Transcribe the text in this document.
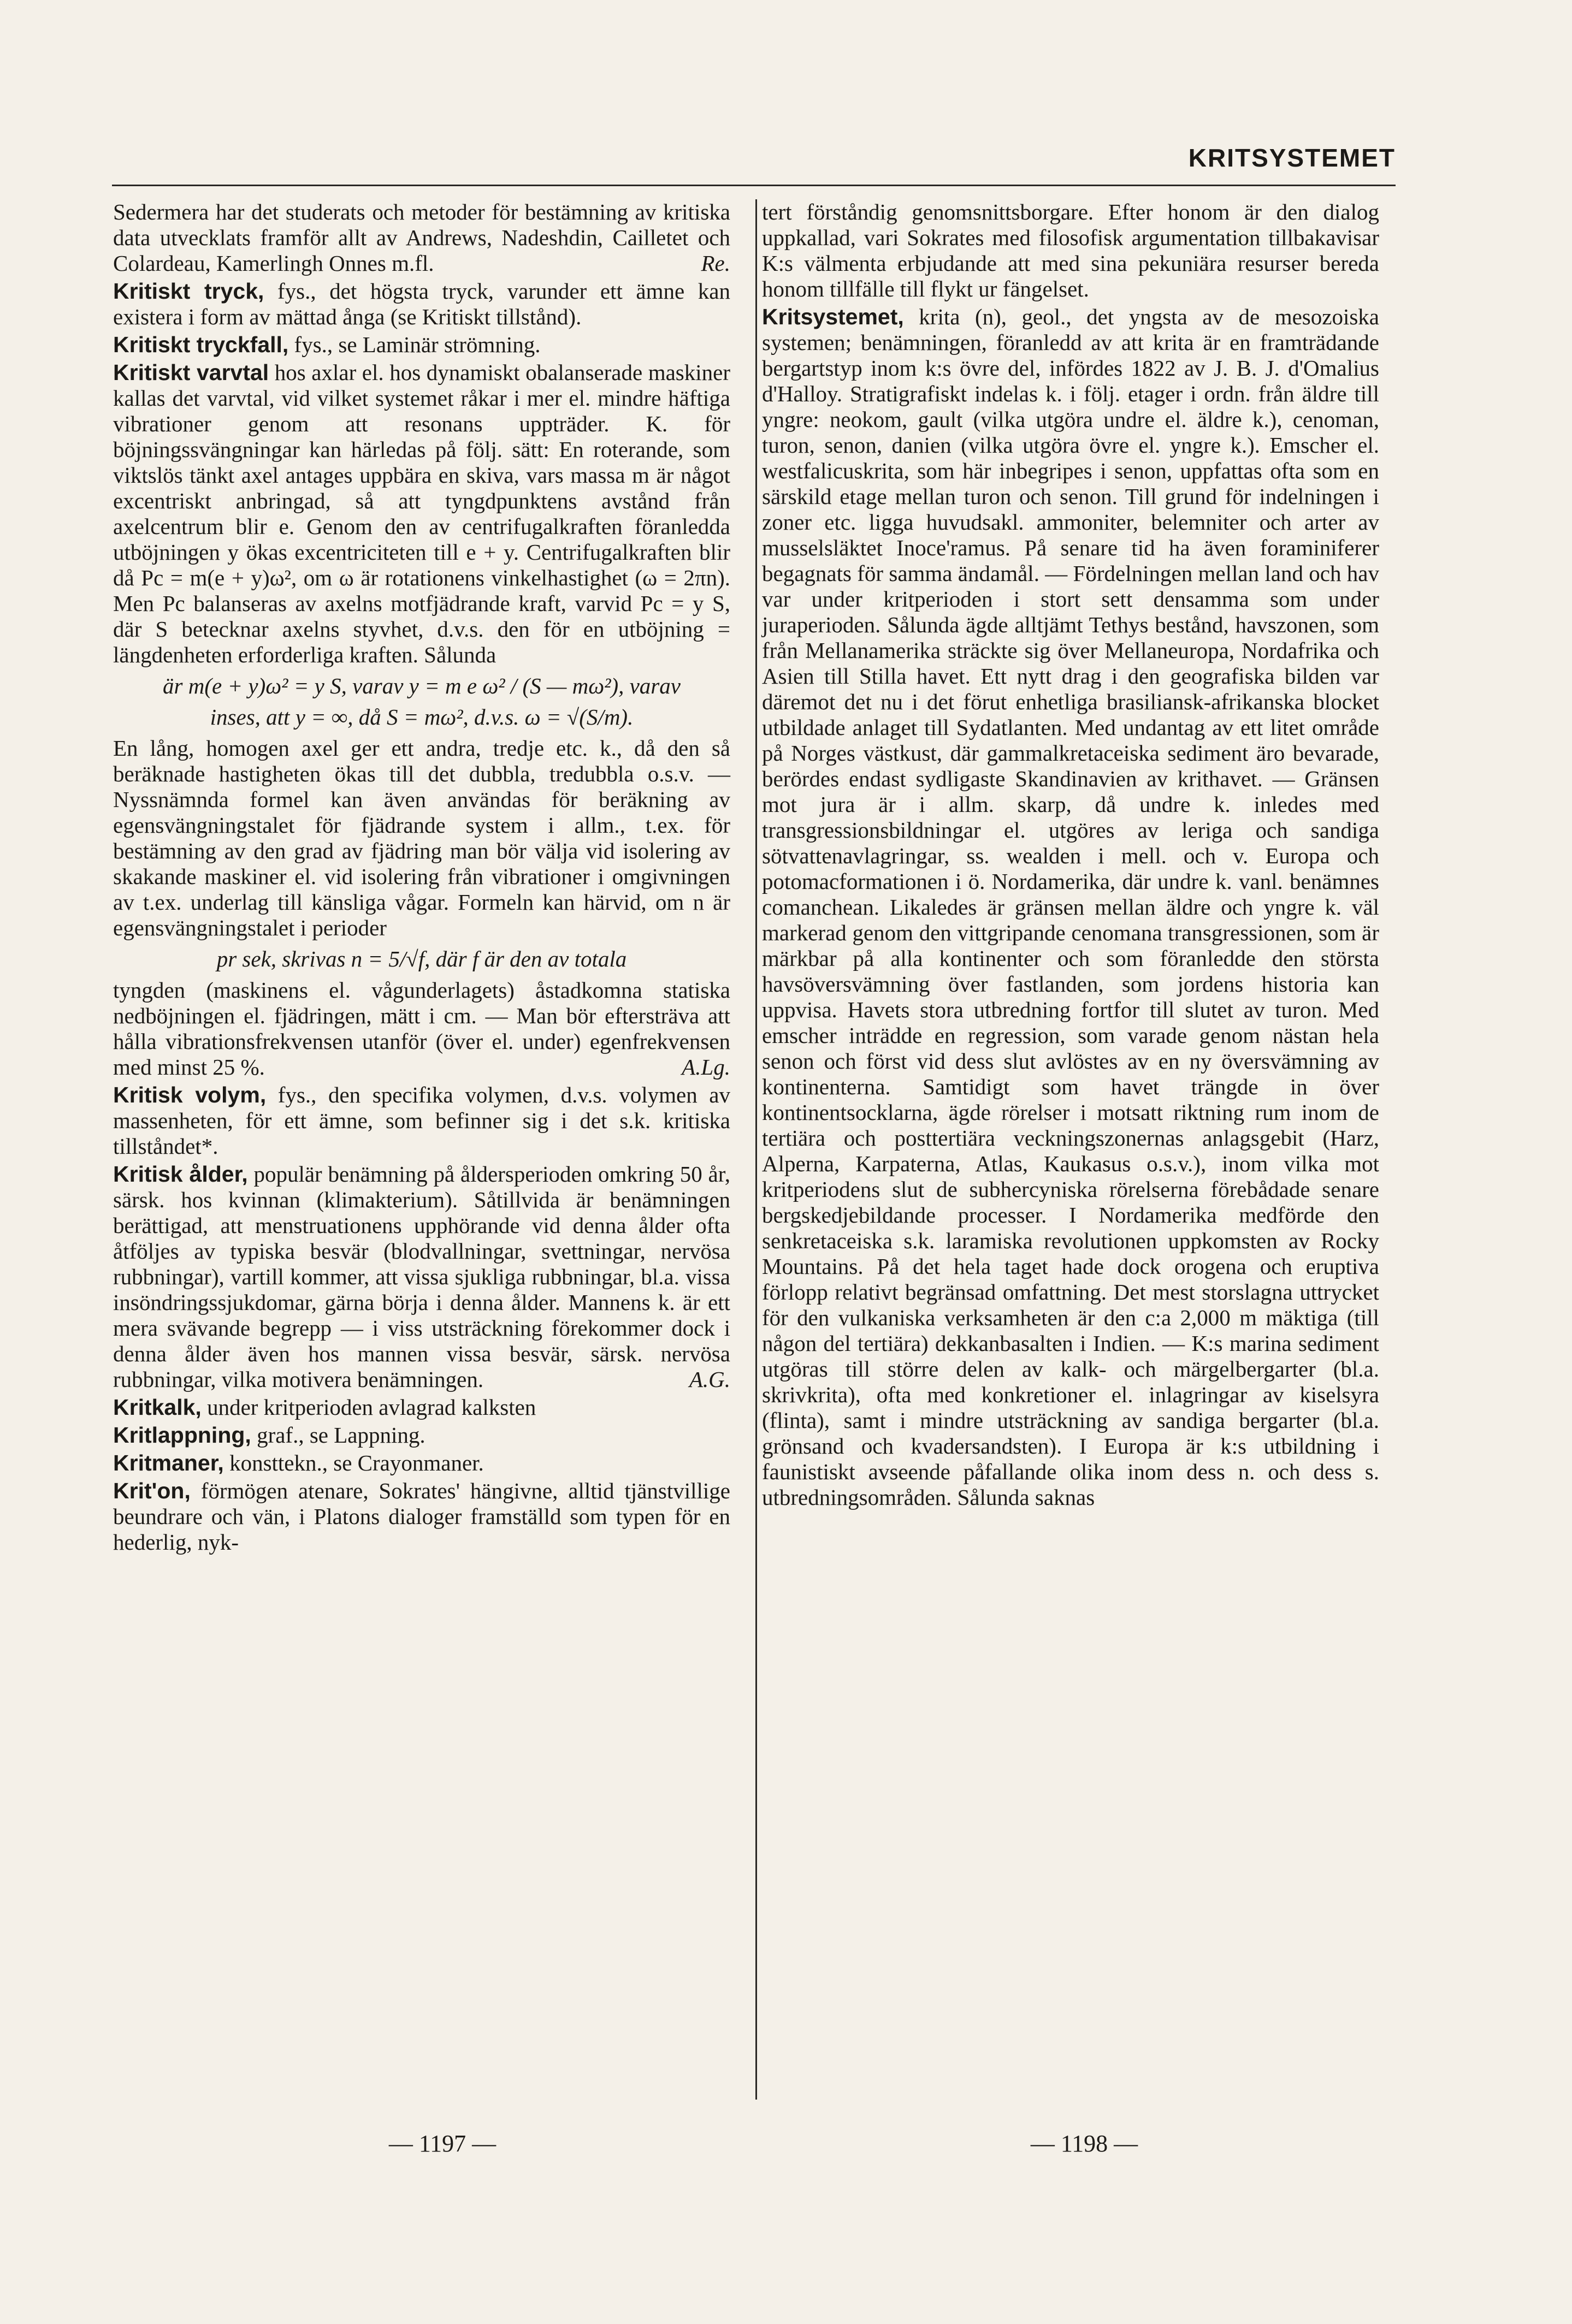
KRITSYSTEMET

Sedermera har det studerats och metoder för bestämning av kritiska data utvecklats framför allt av Andrews, Nadeshdin, Cailletet och Colardeau, Kamerlingh Onnes m.fl.	Re.

Kritiskt tryck, fys., det högsta tryck, varunder ett ämne kan existera i form av mättad ånga (se Kritiskt tillstånd).

Kritiskt tryckfall, fys., se Laminär strömning.

Kritiskt varvtal hos axlar el. hos dynamiskt obalanserade maskiner kallas det varvtal, vid vilket systemet råkar i mer el. mindre häftiga vibrationer genom att resonans uppträder. K. för böjningssvängningar kan härledas på följ. sätt: En roterande, som viktslös tänkt axel antages uppbära en skiva, vars massa m är något excentriskt anbringad, så att tyngdpunktens avstånd från axelcentrum blir e. Genom den av centrifugalkraften föranledda utböjningen y ökas excentriciteten till e + y. Centrifugalkraften blir då Pc = m(e + y)ω², om ω är rotationens vinkelhastighet (ω = 2πn). Men Pc balanseras av axelns motfjädrande kraft, varvid Pc = y S, där S betecknar axelns styvhet, d.v.s. den för en utböjning = längdenheten erforderliga kraften. Sålunda

är m(e + y)ω² = y S, varav y = m e ω² / (S — mω²), varav
inses, att y = ∞, då S = mω², d.v.s. ω = √(S/m).

En lång, homogen axel ger ett andra, tredje etc. k., då den så beräknade hastigheten ökas till det dubbla, tredubbla o.s.v. — Nyssnämnda formel kan även användas för beräkning av egensvängningstalet för fjädrande system i allm., t.ex. för bestämning av den grad av fjädring man bör välja vid isolering av skakande maskiner el. vid isolering från vibrationer i omgivningen av t.ex. underlag till känsliga vågar. Formeln kan härvid, om n är egensvängningstalet i perioder

pr sek, skrivas n = 5/√f, där f är den av totala

tyngden (maskinens el. vågunderlagets) åstadkomna statiska nedböjningen el. fjädringen, mätt i cm. — Man bör eftersträva att hålla vibrationsfrekvensen utanför (över el. under) egenfrekvensen med minst 25 %.	A.Lg.

Kritisk volym, fys., den specifika volymen, d.v.s. volymen av massenheten, för ett ämne, som befinner sig i det s.k. kritiska tillståndet*.

Kritisk ålder, populär benämning på åldersperioden omkring 50 år, särsk. hos kvinnan (klimakterium). Såtillvida är benämningen berättigad, att menstruationens upphörande vid denna ålder ofta åtföljes av typiska besvär (blodvallningar, svettningar, nervösa rubbningar), vartill kommer, att vissa sjukliga rubbningar, bl.a. vissa insöndringssjukdomar, gärna börja i denna ålder. Mannens k. är ett mera svävande begrepp — i viss utsträckning förekommer dock i denna ålder även hos mannen vissa besvär, särsk. nervösa rubbningar, vilka motivera benämningen.	A.G.

Kritkalk, under kritperioden avlagrad kalksten

Kritlappning, graf., se Lappning.

Kritmaner, konsttekn., se Crayonmaner.

Krit'on, förmögen atenare, Sokrates' hängivne, alltid tjänstvillige beundrare och vän, i Platons dialoger framställd som typen för en hederlig, nyk-

tert förståndig genomsnittsborgare. Efter honom är den dialog uppkallad, vari Sokrates med filosofisk argumentation tillbakavisar K:s välmenta erbjudande att med sina pekuniära resurser bereda honom tillfälle till flykt ur fängelset.

Kritsystemet, krita (n), geol., det yngsta av de mesozoiska systemen; benämningen, föranledd av att krita är en framträdande bergartstyp inom k:s övre del, infördes 1822 av J. B. J. d'Omalius d'Halloy. Stratigrafiskt indelas k. i följ. etager i ordn. från äldre till yngre: neokom, gault (vilka utgöra undre el. äldre k.), cenoman, turon, senon, danien (vilka utgöra övre el. yngre k.). Emscher el. westfalicuskrita, som här inbegripes i senon, uppfattas ofta som en särskild etage mellan turon och senon. Till grund för indelningen i zoner etc. ligga huvudsakl. ammoniter, belemniter och arter av musselsläktet Inoce'ramus. På senare tid ha även foraminiferer begagnats för samma ändamål. — Fördelningen mellan land och hav var under kritperioden i stort sett densamma som under juraperioden. Sålunda ägde alltjämt Tethys bestånd, havszonen, som från Mellanamerika sträckte sig över Mellaneuropa, Nordafrika och Asien till Stilla havet. Ett nytt drag i den geografiska bilden var däremot det nu i det förut enhetliga brasiliansk-afrikanska blocket utbildade anlaget till Sydatlanten. Med undantag av ett litet område på Norges västkust, där gammalkretaceiska sediment äro bevarade, berördes endast sydligaste Skandinavien av krithavet. — Gränsen mot jura är i allm. skarp, då undre k. inledes med transgressionsbildningar el. utgöres av leriga och sandiga sötvattenavlagringar, ss. wealden i mell. och v. Europa och potomacformationen i ö. Nordamerika, där undre k. vanl. benämnes comanchean. Likaledes är gränsen mellan äldre och yngre k. väl markerad genom den vittgripande cenomana transgressionen, som är märkbar på alla kontinenter och som föranledde den största havsöversvämning över fastlanden, som jordens historia kan uppvisa. Havets stora utbredning fortfor till slutet av turon. Med emscher inträdde en regression, som varade genom nästan hela senon och först vid dess slut avlöstes av en ny översvämning av kontinenterna. Samtidigt som havet trängde in över kontinentsocklarna, ägde rörelser i motsatt riktning rum inom de tertiära och posttertiära veckningszonernas anlagsgebit (Harz, Alperna, Karpaterna, Atlas, Kaukasus o.s.v.), inom vilka mot kritperiodens slut de subhercyniska rörelserna förebådade senare bergskedjebildande processer. I Nordamerika medförde den senkretaceiska s.k. laramiska revolutionen uppkomsten av Rocky Mountains. På det hela taget hade dock orogena och eruptiva förlopp relativt begränsad omfattning. Det mest storslagna uttrycket för den vulkaniska verksamheten är den c:a 2,000 m mäktiga (till någon del tertiära) dekkanbasalten i Indien. — K:s marina sediment utgöras till större delen av kalk- och märgelbergarter (bl.a. skrivkrita), ofta med konkretioner el. inlagringar av kiselsyra (flinta), samt i mindre utsträckning av sandiga bergarter (bl.a. grönsand och kvadersandsten). I Europa är k:s utbildning i faunistiskt avseende påfallande olika inom dess n. och dess s. utbredningsområden. Sålunda saknas

— 1197 —	— 1198 —
